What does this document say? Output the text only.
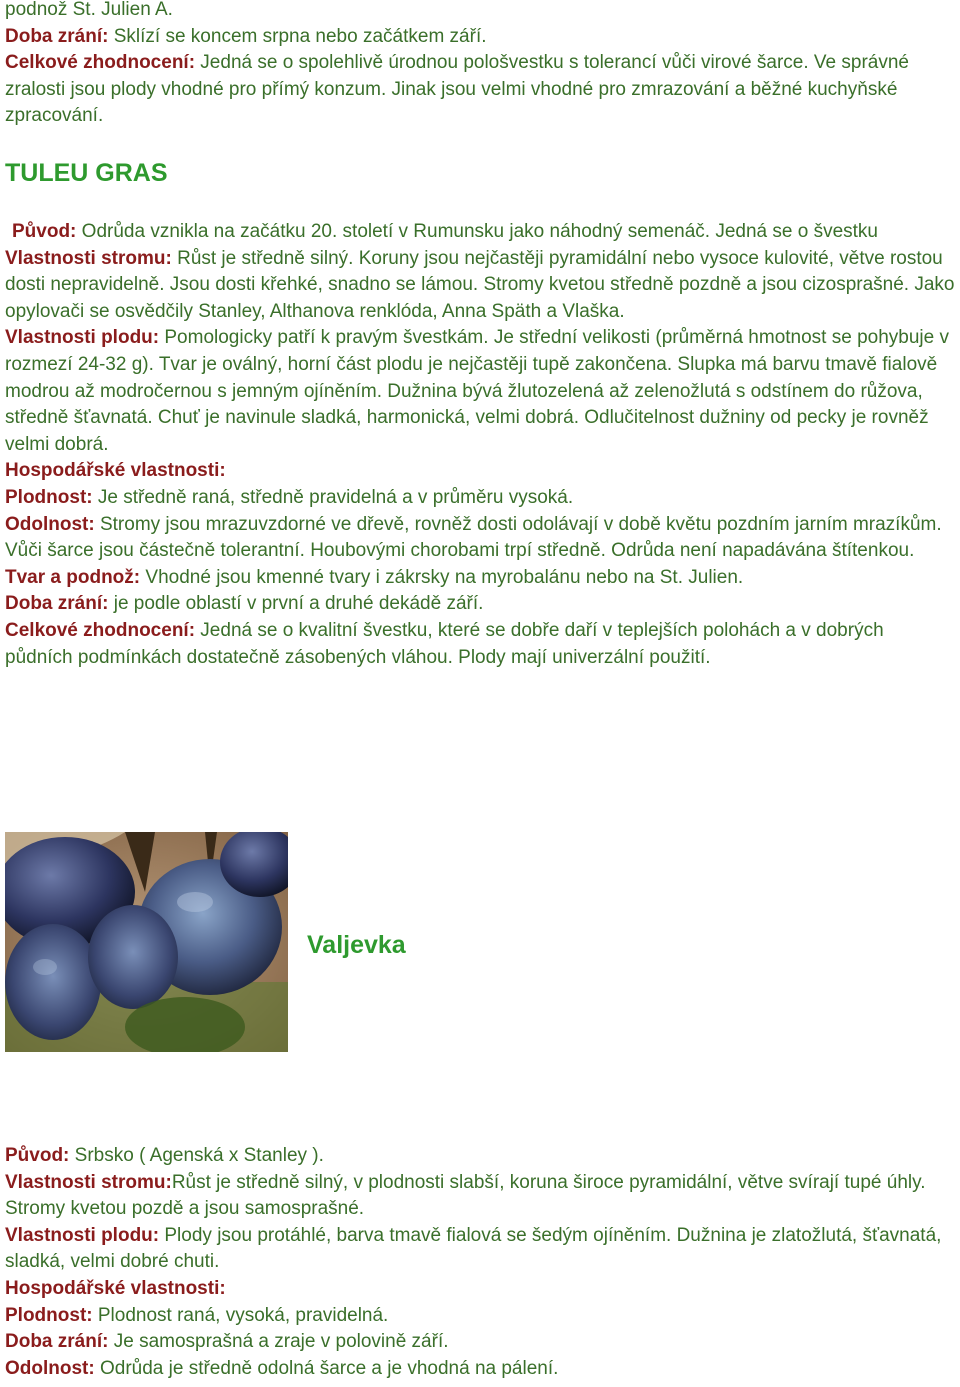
podnož St. Julien A.

Doba zrání: Sklízí se koncem srpna nebo začátkem září.

Celkové zhodnocení: Jedná se o spolehlivě úrodnou pološvestku s tolerancí vůči virové šarce. Ve správné zralosti jsou plody vhodné pro přímý konzum. Jinak jsou velmi vhodné pro zmrazování a běžné kuchyňské zpracování.

TULEU GRAS

Původ: Odrůda vznikla na začátku 20. století v Rumunsku jako náhodný semenáč. Jedná se o švestku

Vlastnosti stromu: Růst je středně silný. Koruny jsou nejčastěji pyramidální nebo vysoce kulovité, větve rostou dosti nepravidelně. Jsou dosti křehké, snadno se lámou. Stromy kvetou středně pozdně a jsou cizosprašné. Jako opylovači se osvědčily Stanley, Althanova renklóda, Anna Späth a Vlaška.

Vlastnosti plodu: Pomologicky patří k pravým švestkám. Je střední velikosti (průměrná hmotnost se pohybuje v rozmezí 24-32 g). Tvar je oválný, horní část plodu je nejčastěji tupě zakončena. Slupka má barvu tmavě fialově modrou až modročernou s jemným ojíněním. Dužnina bývá žlutozelená až zelenožlutá s odstínem do růžova, středně šťavnatá. Chuť je navinule sladká, harmonická, velmi dobrá. Odlučitelnost dužniny od pecky je rovněž velmi dobrá.

Hospodářské vlastnosti:

Plodnost: Je středně raná, středně pravidelná a v průměru vysoká.

Odolnost: Stromy jsou mrazuvzdorné ve dřevě, rovněž dosti odolávají v době květu pozdním jarním mrazíkům. Vůči šarce jsou částečně tolerantní. Houbovými chorobami trpí středně. Odrůda není napadávána štítenkou.

Tvar a podnož: Vhodné jsou kmenné tvary i zákrsky na myrobalánu nebo na St. Julien.

Doba zrání: je podle oblastí v první a druhé dekádě září.

Celkové zhodnocení: Jedná se o kvalitní švestku, které se dobře daří v teplejších polohách a v dobrých půdních podmínkách dostatečně zásobených vláhou. Plody mají univerzální použití.

Valjevka

Původ: Srbsko ( Agenská x Stanley ).

Vlastnosti stromu:Růst je středně silný, v plodnosti slabší, koruna široce pyramidální, větve svírají tupé úhly. Stromy kvetou pozdě a jsou samosprašné.

Vlastnosti plodu: Plody jsou protáhlé, barva tmavě fialová se šedým ojíněním. Dužnina je zlatožlutá, šťavnatá, sladká, velmi dobré chuti.

Hospodářské vlastnosti:

Plodnost: Plodnost raná, vysoká, pravidelná.

Doba zrání: Je samosprašná a zraje v polovině září.

Odolnost: Odrůda je středně odolná šarce a je vhodná na pálení.
